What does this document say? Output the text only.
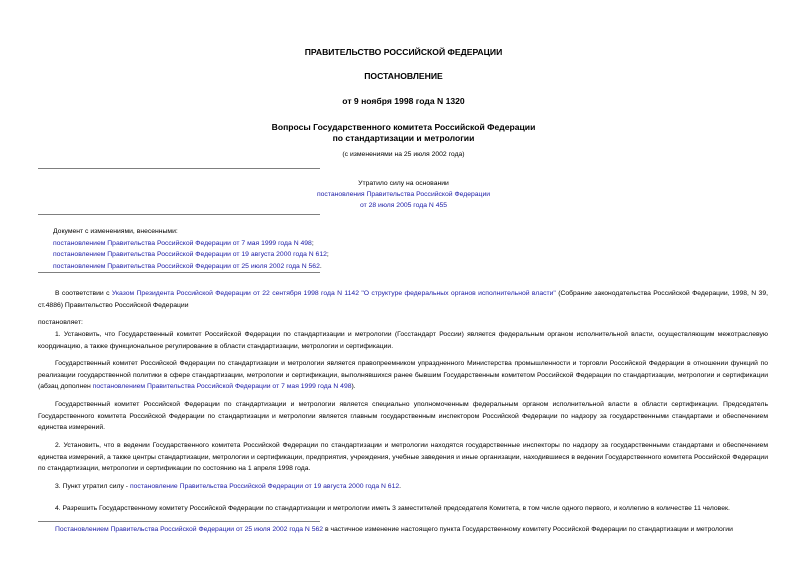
ПРАВИТЕЛЬСТВО РОССИЙСКОЙ ФЕДЕРАЦИИ
ПОСТАНОВЛЕНИЕ
от 9 ноября 1998 года N 1320
Вопросы Государственного комитета Российской Федерации
по стандартизации и метрологии
(с изменениями на 25 июля 2002 года)
Утратило силу на основании
постановления Правительства Российской Федерации
от 28 июля 2005 года N 455
Документ с изменениями, внесенными:
постановлением Правительства Российской Федерации от 7 мая 1999 года N 498;
постановлением Правительства Российской Федерации от 19 августа 2000 года N 612;
постановлением Правительства Российской Федерации от 25 июля 2002 года N 562.
В соответствии с Указом Президента Российской Федерации от 22 сентября 1998 года N 1142 "О структуре федеральных органов исполнительной власти" (Собрание законодательства Российской Федерации, 1998, N 39, ст.4886) Правительство Российской Федерации
постановляет:
1. Установить, что Государственный комитет Российской Федерации по стандартизации и метрологии (Госстандарт России) является федеральным органом исполнительной власти, осуществляющим межотраслевую координацию, а также функциональное регулирование в области стандартизации, метрологии и сертификации.
Государственный комитет Российской Федерации по стандартизации и метрологии является правопреемником упраздненного Министерства промышленности и торговли Российской Федерации в отношении функций по реализации государственной политики в сфере стандартизации, метрологии и сертификации, выполнявшихся ранее бывшим Государственным комитетом Российской Федерации по стандартизации, метрологии и сертификации (абзац дополнен постановлением Правительства Российской Федерации от 7 мая 1999 года N 498).
Государственный комитет Российской Федерации по стандартизации и метрологии является специально уполномоченным федеральным органом исполнительной власти в области сертификации. Председатель Государственного комитета Российской Федерации по стандартизации и метрологии является главным государственным инспектором Российской Федерации по надзору за государственными стандартами и обеспечением единства измерений.
2. Установить, что в ведении Государственного комитета Российской Федерации по стандартизации и метрологии находятся государственные инспекторы по надзору за государственными стандартами и обеспечением единства измерений, а также центры стандартизации, метрологии и сертификации, предприятия, учреждения, учебные заведения и иные организации, находившиеся в ведении Государственного комитета Российской Федерации по стандартизации, метрологии и сертификации по состоянию на 1 апреля 1998 года.
3. Пункт утратил силу - постановление Правительства Российской Федерации от 19 августа 2000 года N 612.
4. Разрешить Государственному комитету Российской Федерации по стандартизации и метрологии иметь 3 заместителей председателя Комитета, в том числе одного первого, и коллегию в количестве 11 человек.
Постановлением Правительства Российской Федерации от 25 июля 2002 года N 562 в частичное изменение настоящего пункта Государственному комитету Российской Федерации по стандартизации и метрологии
